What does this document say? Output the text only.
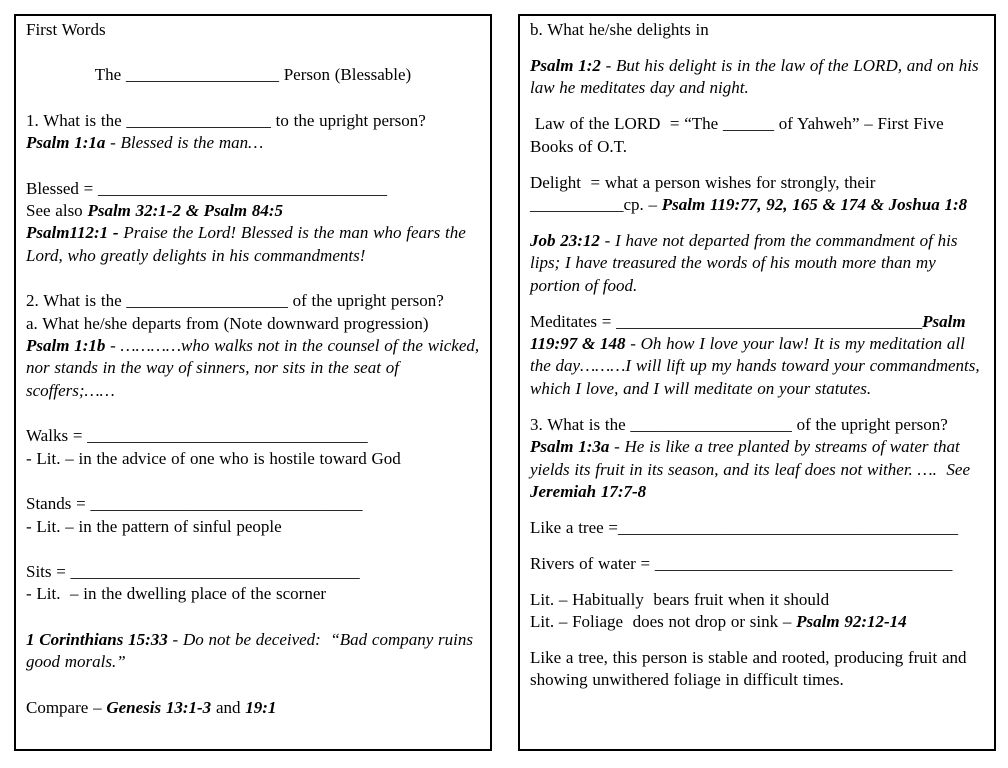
First Words

The __________________ Person (Blessable)

1. What is the _________________ to the upright person?
Psalm 1:1a - Blessed is the man…

Blessed = __________________________________
See also Psalm 32:1-2 & Psalm 84:5
Psalm112:1 - Praise the Lord! Blessed is the man who fears the Lord, who greatly delights in his commandments!

2. What is the ___________________ of the upright person?
a. What he/she departs from (Note downward progression)
Psalm 1:1b - …………who walks not in the counsel of the wicked, nor stands in the way of sinners, nor sits in the seat of scoffers;……

Walks = _________________________________
- Lit. – in the advice of one who is hostile toward God

Stands = ________________________________
- Lit. – in the pattern of sinful people

Sits = __________________________________
- Lit.  – in the dwelling place of the scorner

1 Corinthians 15:33 - Do not be deceived:  “Bad company ruins good morals.”

Compare – Genesis 13:1-3 and 19:1

b. What he/she delights in

Psalm 1:2 - But his delight is in the law of the LORD, and on his law he meditates day and night.

Law of the LORD  = “The ______ of Yahweh” – First Five Books of O.T.

Delight  = what a person wishes for strongly, their
___________cp. – Psalm 119:77, 92, 165 & 174 & Joshua 1:8

Job 23:12 - I have not departed from the commandment of his lips; I have treasured the words of his mouth more than my portion of food.

Meditates = ____________________________________Psalm 119:97 & 148 - Oh how I love your law! It is my meditation all the day………I will lift up my hands toward your commandments, which I love, and I will meditate on your statutes.

3. What is the ___________________ of the upright person?
Psalm 1:3a - He is like a tree planted by streams of water that yields its fruit in its season, and its leaf does not wither. ….  See Jeremiah 17:7-8

Like a tree =________________________________________

Rivers of water = ___________________________________

Lit. – Habitually  bears fruit when it should
Lit. – Foliage  does not drop or sink – Psalm 92:12-14

Like a tree, this person is stable and rooted, producing fruit and showing unwithered foliage in difficult times.
